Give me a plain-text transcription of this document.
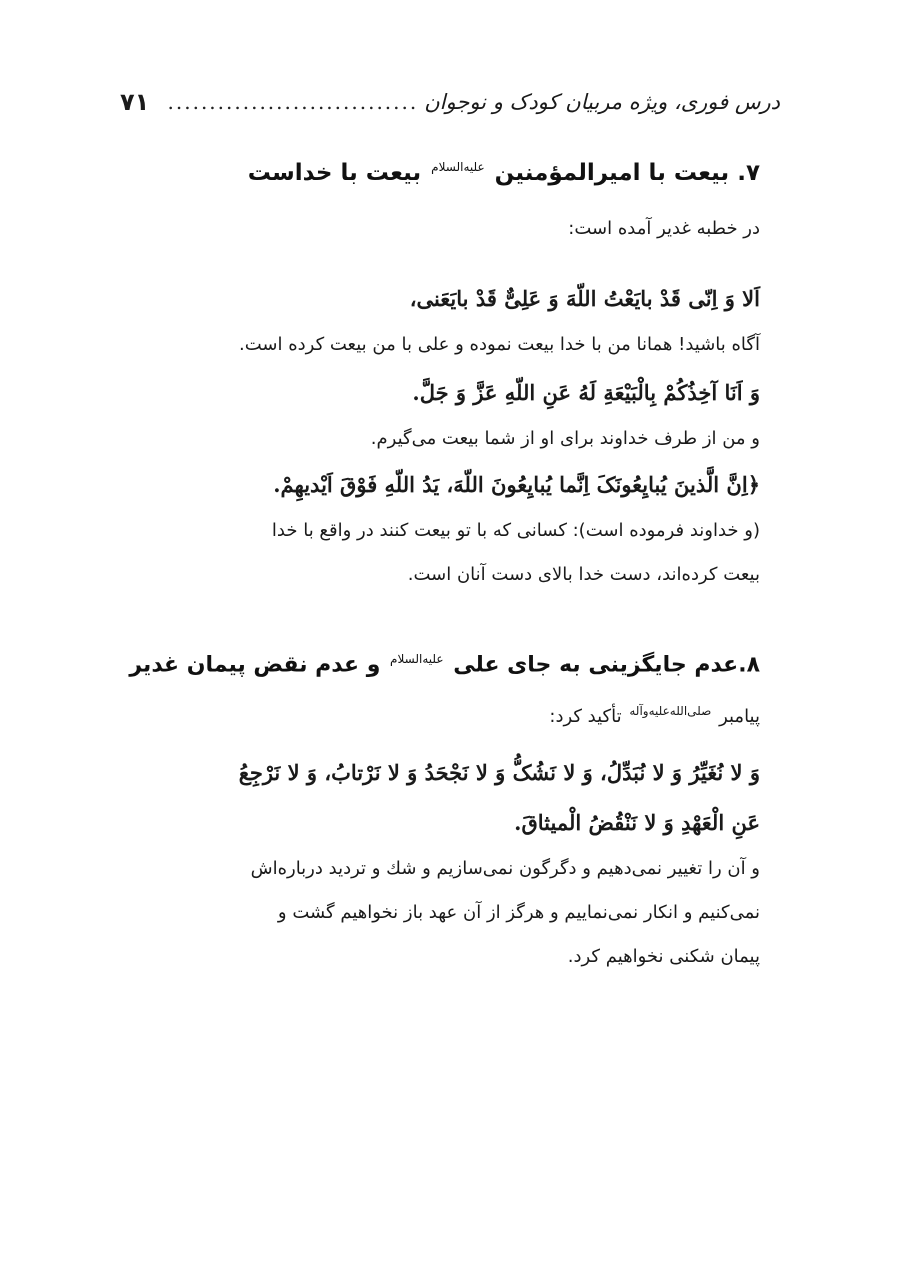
درس فوری، ویژه مربیان کودک و نوجوان
..............................
۷۱
۷. بیعت با امیرالمؤمنین $^{علیه‌السلام}$ بیعت با خداست
در خطبه غدیر آمده است:
اَلا وَ اِنّی قَدْ بایَعْتُ اللّهَ وَ عَلِیٌّ قَدْ بایَعَنی،
آگاه باشید! همانا من با خدا بیعت نموده و علی با من بیعت کرده است.
وَ اَنَا آخِذُکُمْ بِالْبَیْعَةِ لَهُ عَنِ اللّهِ عَزَّ وَ جَلَّ.
و من از طرف خداوند برای او از شما بیعت می‌گیرم.
﴿اِنَّ الَّذینَ یُبایِعُونَکَ اِنَّما یُبایِعُونَ اللّهَ، یَدُ اللّهِ فَوْقَ اَیْدیهِمْ.
(و خداوند فرموده است): کسانی که با تو بیعت کنند در واقع با خدا
بیعت کرده‌اند، دست خدا بالای دست آنان است.
۸.عدم جایگزینی به جای علی $^{علیه‌السلام}$ و عدم نقض پیمان غدیر
پیامبر $^{صلی‌الله‌علیه‌وآله}$ تأکید کرد:
وَ لا نُغَیِّرُ وَ لا نُبَدِّلُ، وَ لا نَشُکُّ وَ لا نَجْحَدُ وَ لا نَرْتابُ، وَ لا نَرْجِعُ
عَنِ الْعَهْدِ وَ لا نَنْقُضُ الْمیثاقَ.
و آن را تغییر نمی‌دهیم و دگرگون نمی‌سازیم و شك و تردید درباره‌اش
نمی‌کنیم و انکار نمی‌نماییم و هرگز از آن عهد باز نخواهیم گشت و
پیمان شکنی نخواهیم کرد.
